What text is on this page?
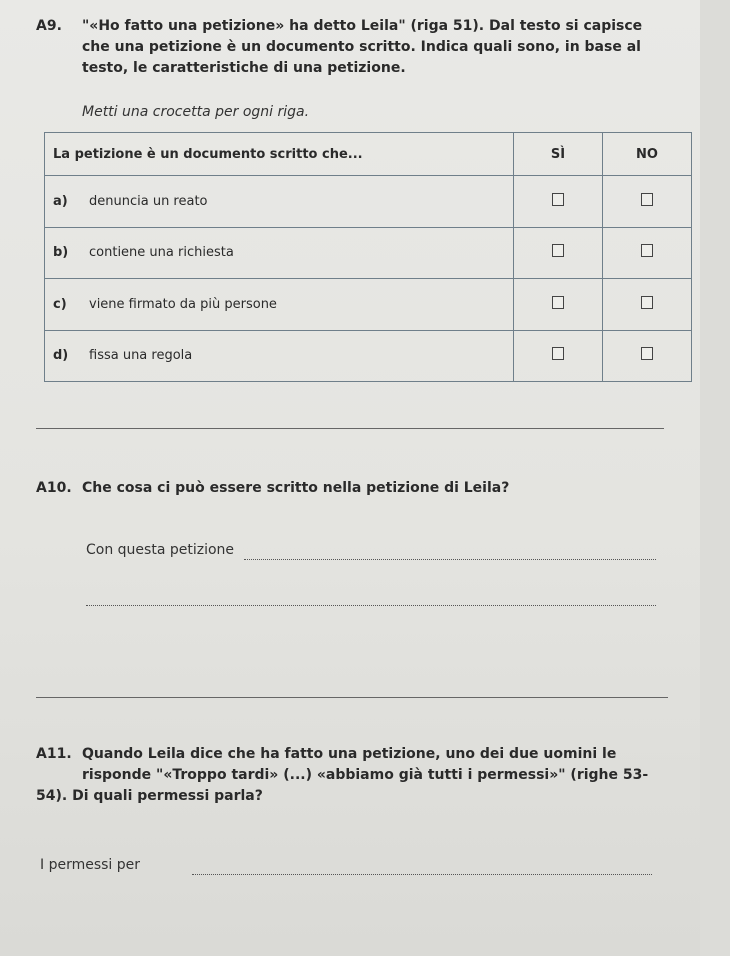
A9. "«Ho fatto una petizione» ha detto Leila" (riga 51). Dal testo si capisce
che una petizione è un documento scritto. Indica quali sono, in base al
testo, le caratteristiche di una petizione.
Metti una crocetta per ogni riga.
La petizione è un documento scritto che...	SÌ	NO
a) denuncia un reato		
b) contiene una richiesta		
c) viene firmato da più persone		
d) fissa una regola		
A10. Che cosa ci può essere scritto nella petizione di Leila?
Con questa petizione
A11. Quando Leila dice che ha fatto una petizione, uno dei due uomini le
risponde "«Troppo tardi» (...) «abbiamo già tutti i permessi»" (righe 53-
54). Di quali permessi parla?
I permessi per
